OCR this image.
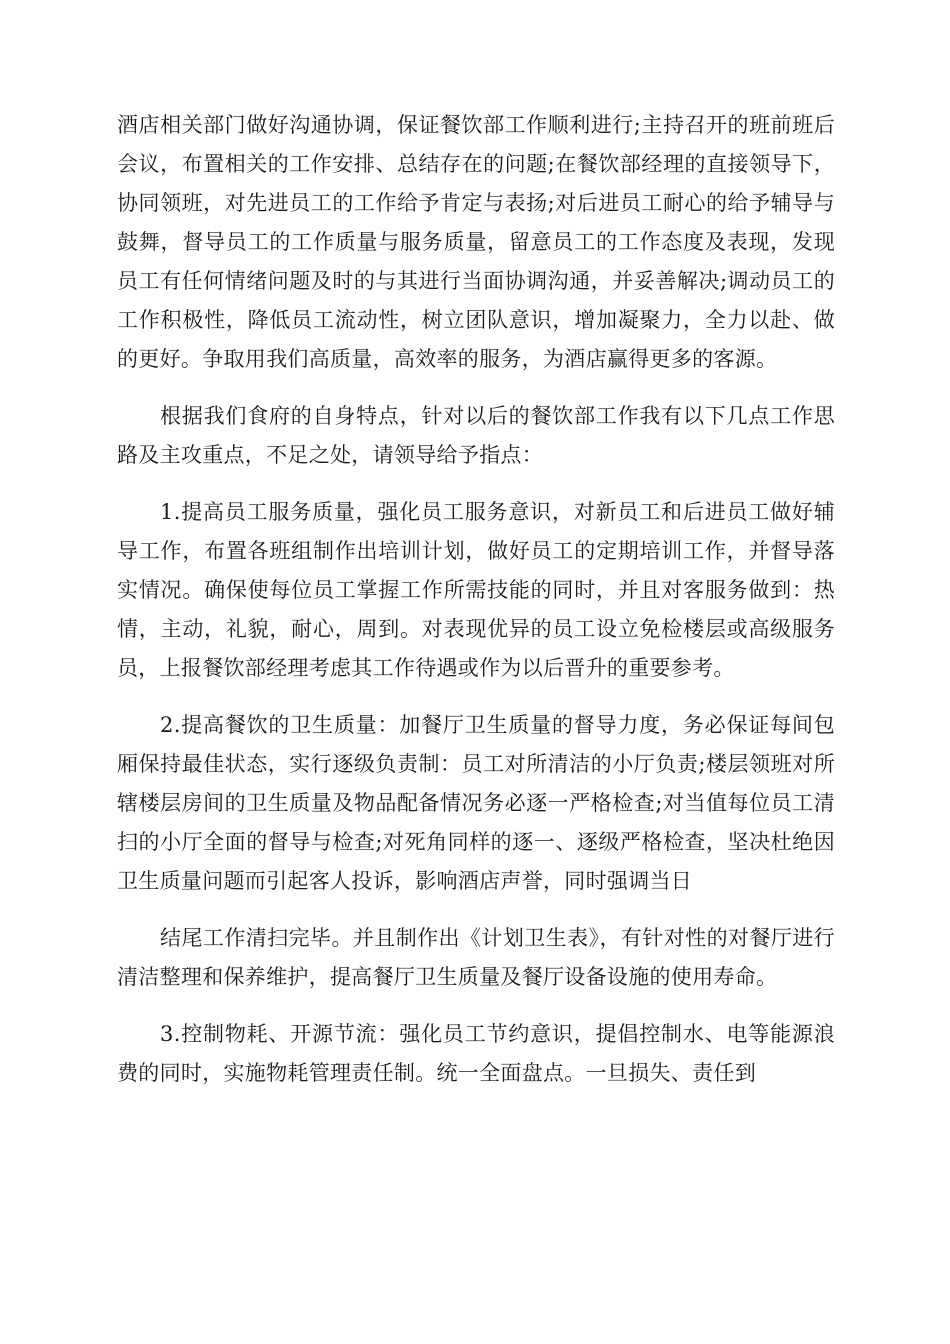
酒店相关部门做好沟通协调，保证餐饮部工作顺利进行;主持召开的班前班后会议，布置相关的工作安排、总结存在的问题;在餐饮部经理的直接领导下，协同领班，对先进员工的工作给予肯定与表扬;对后进员工耐心的给予辅导与鼓舞，督导员工的工作质量与服务质量，留意员工的工作态度及表现，发现员工有任何情绪问题及时的与其进行当面协调沟通，并妥善解决;调动员工的工作积极性，降低员工流动性，树立团队意识，增加凝聚力，全力以赴、做的更好。争取用我们高质量，高效率的服务，为酒店赢得更多的客源。

根据我们食府的自身特点，针对以后的餐饮部工作我有以下几点工作思路及主攻重点，不足之处，请领导给予指点：

1.提高员工服务质量，强化员工服务意识，对新员工和后进员工做好辅导工作，布置各班组制作出培训计划，做好员工的定期培训工作，并督导落实情况。确保使每位员工掌握工作所需技能的同时，并且对客服务做到：热情，主动，礼貌，耐心，周到。对表现优异的员工设立免检楼层或高级服务员，上报餐饮部经理考虑其工作待遇或作为以后晋升的重要参考。

2.提高餐饮的卫生质量：加餐厅卫生质量的督导力度，务必保证每间包厢保持最佳状态，实行逐级负责制：员工对所清洁的小厅负责;楼层领班对所辖楼层房间的卫生质量及物品配备情况务必逐一严格检查;对当值每位员工清扫的小厅全面的督导与检查;对死角同样的逐一、逐级严格检查，坚决杜绝因卫生质量问题而引起客人投诉，影响酒店声誉，同时强调当日

结尾工作清扫完毕。并且制作出《计划卫生表》，有针对性的对餐厅进行清洁整理和保养维护，提高餐厅卫生质量及餐厅设备设施的使用寿命。

3.控制物耗、开源节流：强化员工节约意识，提倡控制水、电等能源浪费的同时，实施物耗管理责任制。统一全面盘点。一旦损失、责任到
